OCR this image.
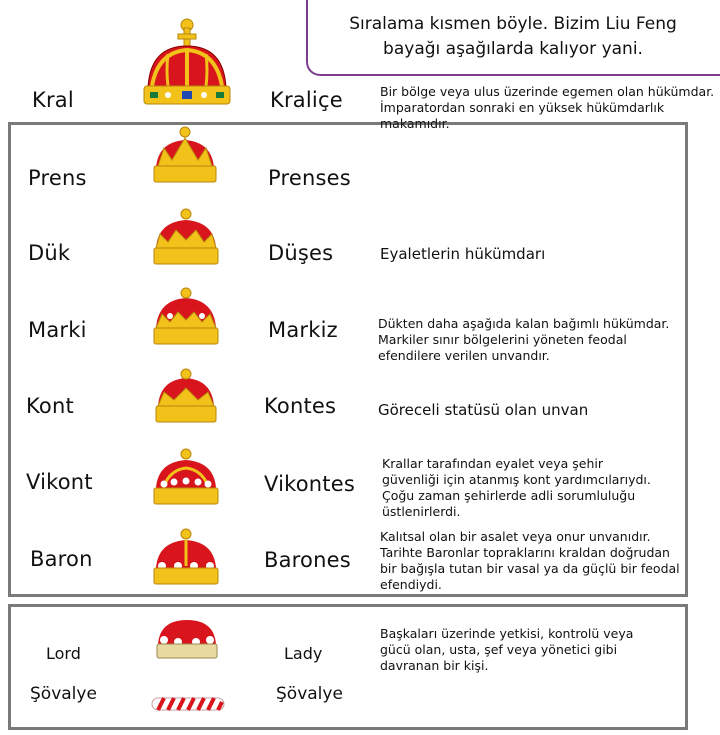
Sıralama kısmen böyle. Bizim Liu Feng
bayağı aşağılarda kalıyor yani.
Kral	Kraliçe	Bir bölge veya ulus üzerinde egemen olan hükümdar.
İmparatordan sonraki en yüksek hükümdarlık makamıdır.
Prens	Prenses
Dük	Düşes	Eyaletlerin hükümdarı
Marki	Markiz	Dükten daha aşağıda kalan bağımlı hükümdar.
Markiler sınır bölgelerini yöneten feodal
efendilere verilen unvandır.
Kont	Kontes	Göreceli statüsü olan unvan
Vikont	Vikontes
Krallar tarafından eyalet veya şehir
güvenliği için atanmış kont yardımcılarıydı.
Çoğu zaman şehirlerde adli sorumluluğu
üstlenirlerdi.
Baron	Barones
Kalıtsal olan bir asalet veya onur unvanıdır.
Tarihte Baronlar topraklarını kraldan doğrudan
bir bağışla tutan bir vasal ya da güçlü bir feodal
efendiydi.
Lord	Lady
Başkaları üzerinde yetkisi, kontrolü veya
gücü olan, usta, şef veya yönetici gibi
davranan bir kişi.
Şövalye	Şövalye
